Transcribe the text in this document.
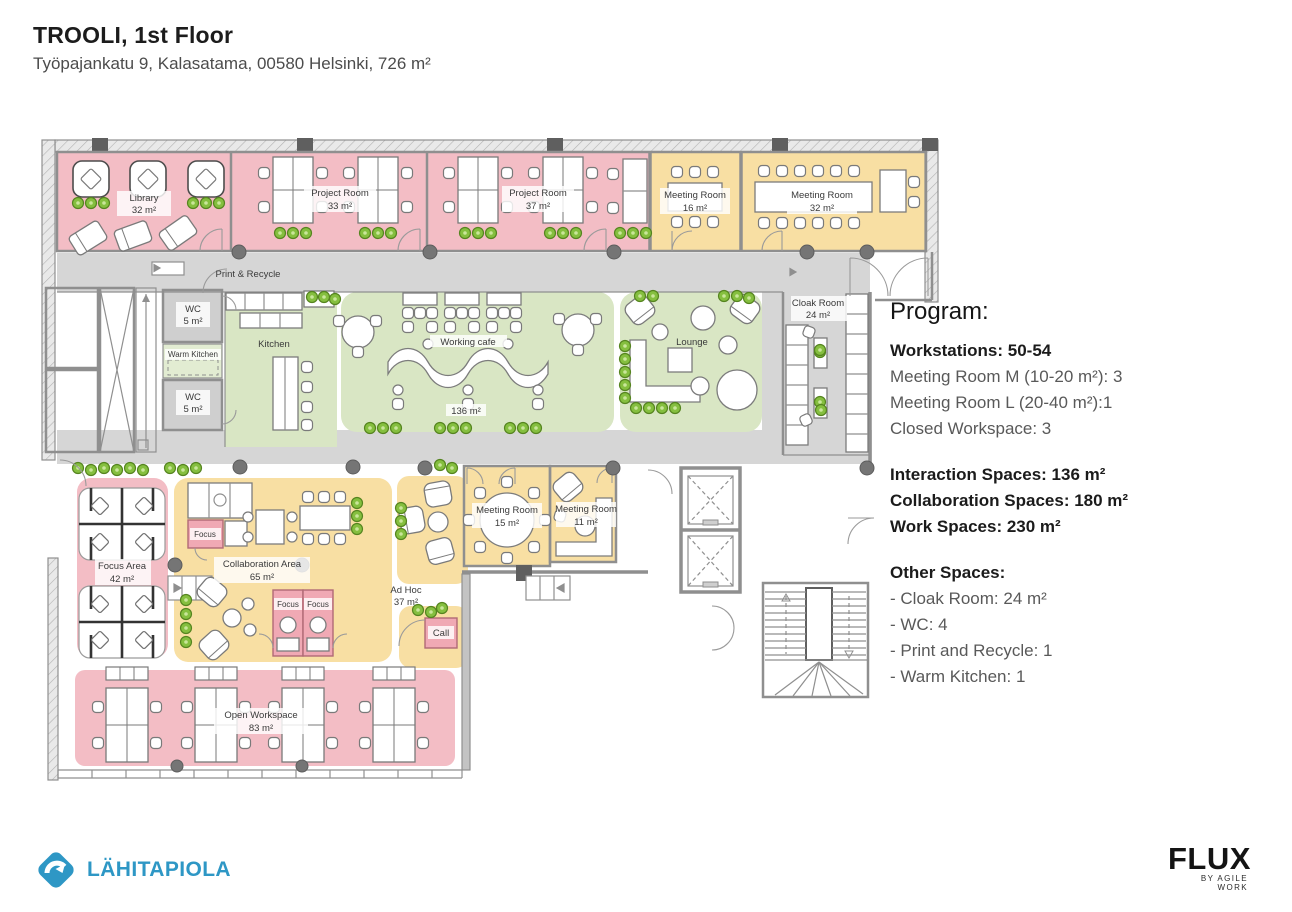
Library
32 m²
Project Room
33 m²
Project Room
37 m²
Meeting Room
16 m²
Meeting Room
32 m²
Print & Recycle
WC
5 m²
Warm Kitchen
WC
5 m²
Kitchen	Working cafe
136 m²
Lounge
Cloak Room
24 m²
Focus Area
42 m²
Collaboration Area
65 m²
Focus
Focus Focus
Ad Hoc
37 m²
Call
Meeting Room
15 m²
Meeting Room
11 m²
Open Workspace
83 m²
TROOLI, 1st Floor
Työpajankatu 9, Kalasatama, 00580 Helsinki, 726 m²
Program:
Workstations: 50-54
Meeting Room M (10-20 m²): 3
Meeting Room L (20-40 m²):1
Closed Workspace: 3
Interaction Spaces: 136 m²
Collaboration Spaces: 180 m²
Work Spaces: 230 m²
Other Spaces:
- Cloak Room: 24 m²
- WC: 4
- Print and Recycle: 1
- Warm Kitchen: 1
LÄHITAPIOLA	FLUX
BY AGILE WORK
